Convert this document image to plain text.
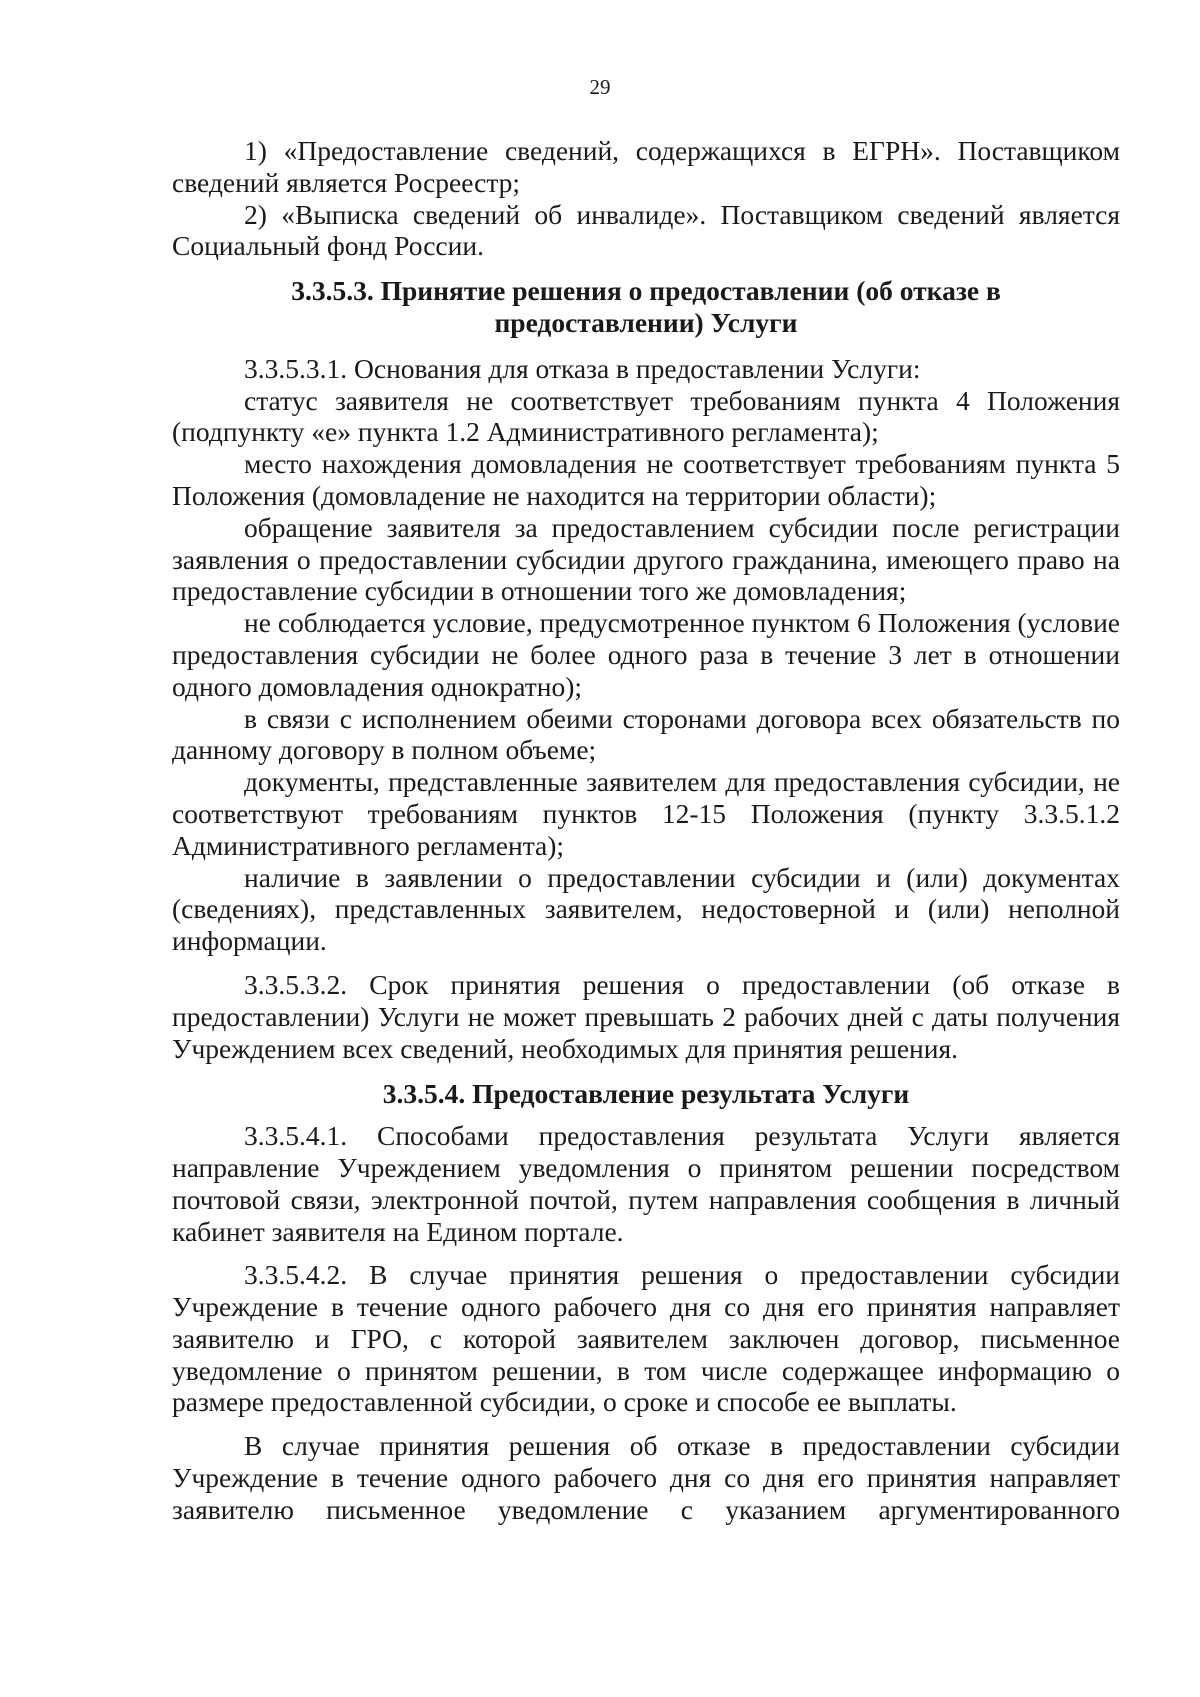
29

1) «Предоставление сведений, содержащихся в ЕГРН». Поставщиком сведений является Росреестр;

2) «Выписка сведений об инвалиде». Поставщиком сведений является Социальный фонд России.

3.3.5.3. Принятие решения о предоставлении (об отказе в предоставлении) Услуги

3.3.5.3.1. Основания для отказа в предоставлении Услуги:

статус заявителя не соответствует требованиям пункта 4 Положения (подпункту «е» пункта 1.2 Административного регламента);

место нахождения домовладения не соответствует требованиям пункта 5 Положения (домовладение не находится на территории области);

обращение заявителя за предоставлением субсидии после регистрации заявления о предоставлении субсидии другого гражданина, имеющего право на предоставление субсидии в отношении того же домовладения;

не соблюдается условие, предусмотренное пунктом 6 Положения (условие предоставления субсидии не более одного раза в течение 3 лет в отношении одного домовладения однократно);

в связи с исполнением обеими сторонами договора всех обязательств по данному договору в полном объеме;

документы, представленные заявителем для предоставления субсидии, не соответствуют требованиям пунктов 12-15 Положения (пункту 3.3.5.1.2 Административного регламента);

наличие в заявлении о предоставлении субсидии и (или) документах (сведениях), представленных заявителем, недостоверной и (или) неполной информации.

3.3.5.3.2. Срок принятия решения о предоставлении (об отказе в предоставлении) Услуги не может превышать 2 рабочих дней с даты получения Учреждением всех сведений, необходимых для принятия решения.

3.3.5.4. Предоставление результата Услуги

3.3.5.4.1. Способами предоставления результата Услуги является направление Учреждением уведомления о принятом решении посредством почтовой связи, электронной почтой, путем направления сообщения в личный кабинет заявителя на Едином портале.

3.3.5.4.2. В случае принятия решения о предоставлении субсидии Учреждение в течение одного рабочего дня со дня его принятия направляет заявителю и ГРО, с которой заявителем заключен договор, письменное уведомление о принятом решении, в том числе содержащее информацию о размере предоставленной субсидии, о сроке и способе ее выплаты.

В случае принятия решения об отказе в предоставлении субсидии Учреждение в течение одного рабочего дня со дня его принятия направляет заявителю письменное уведомление с указанием аргументированного
